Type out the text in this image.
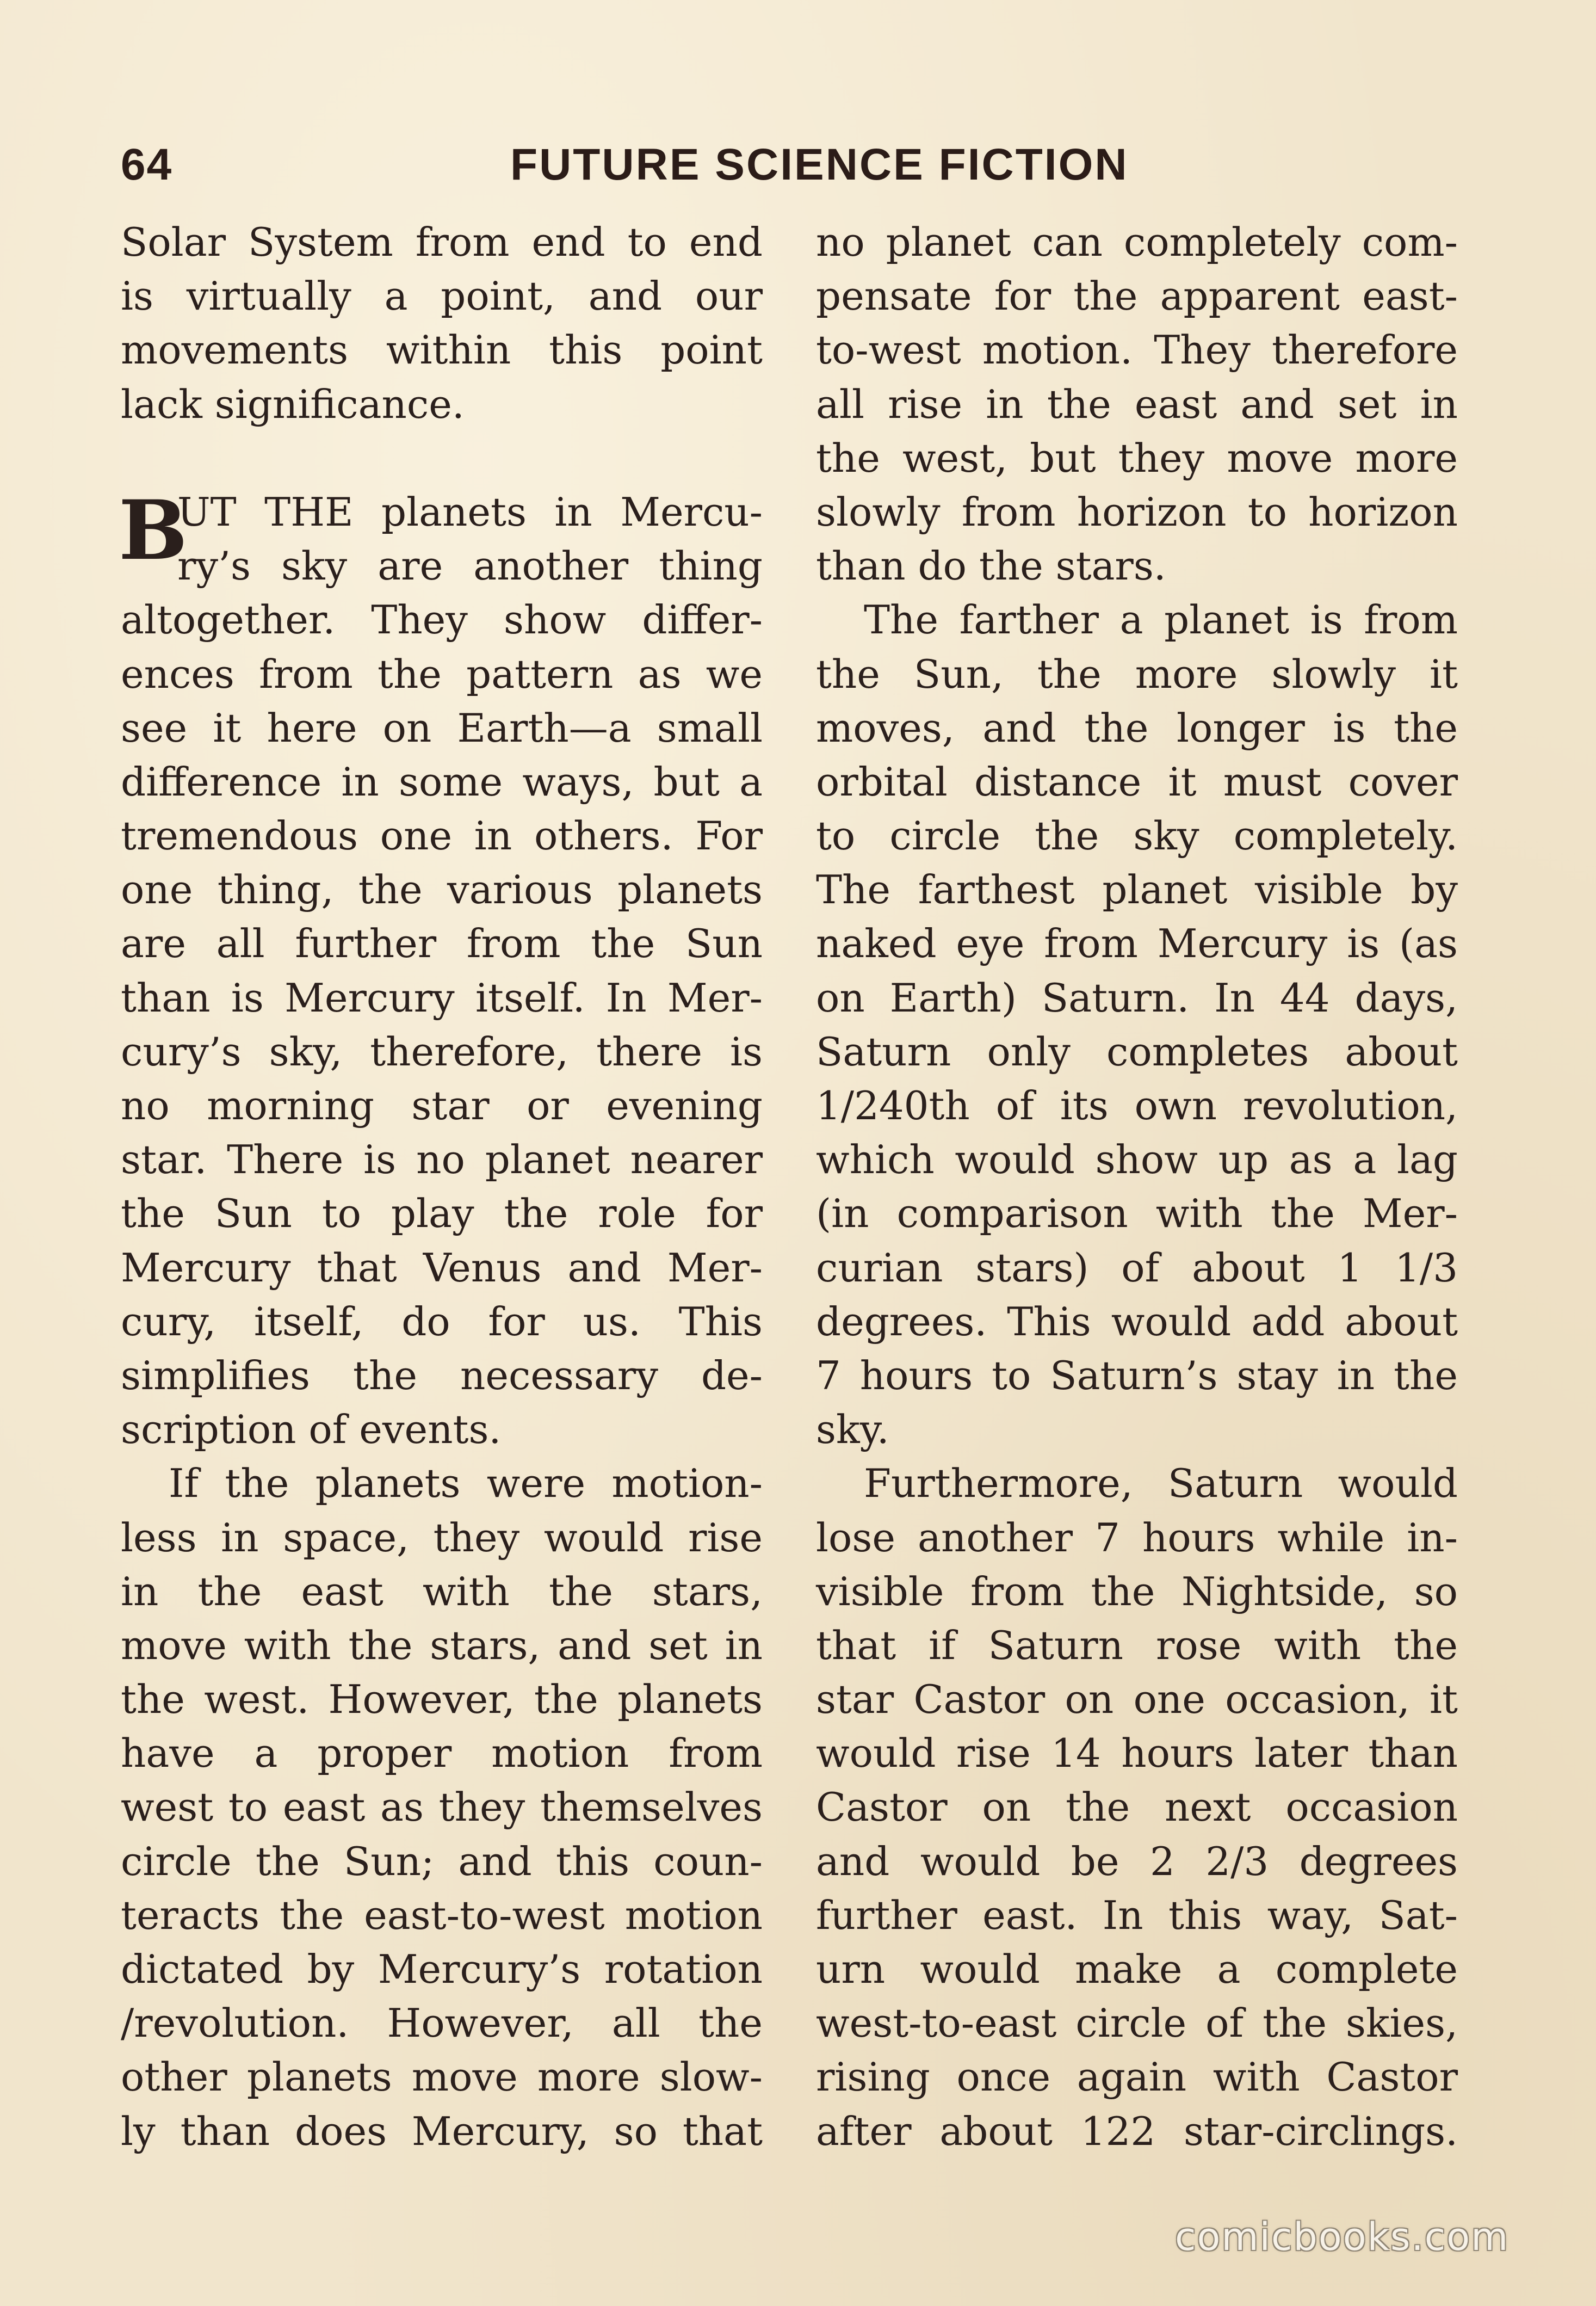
64	FUTURE SCIENCE FICTION
Solar System from end to end
is virtually a point, and our
movements within this point
lack significance.
B
UT THE planets in Mercu-
ry’s sky are another thing
altogether. They show differ-
ences from the pattern as we
see it here on Earth—a small
difference in some ways, but a
tremendous one in others. For
one thing, the various planets
are all further from the Sun
than is Mercury itself. In Mer-
cury’s sky, therefore, there is
no morning star or evening
star. There is no planet nearer
the Sun to play the role for
Mercury that Venus and Mer-
cury, itself, do for us. This
simplifies the necessary de-
scription of events.
If the planets were motion-
less in space, they would rise
in the east with the stars,
move with the stars, and set in
the west. However, the planets
have a proper motion from
west to east as they themselves
circle the Sun; and this coun-
teracts the east-to-west motion
dictated by Mercury’s rotation
/revolution. However, all the
other planets move more slow-
ly than does Mercury, so that
no planet can completely com-
pensate for the apparent east-
to-west motion. They therefore
all rise in the east and set in
the west, but they move more
slowly from horizon to horizon
than do the stars.
The farther a planet is from
the Sun, the more slowly it
moves, and the longer is the
orbital distance it must cover
to circle the sky completely.
The farthest planet visible by
naked eye from Mercury is (as
on Earth) Saturn. In 44 days,
Saturn only completes about
1/240th of its own revolution,
which would show up as a lag
(in comparison with the Mer-
curian stars) of about 1 1/3
degrees. This would add about
7 hours to Saturn’s stay in the
sky.
Furthermore, Saturn would
lose another 7 hours while in-
visible from the Nightside, so
that if Saturn rose with the
star Castor on one occasion, it
would rise 14 hours later than
Castor on the next occasion
and would be 2 2/3 degrees
further east. In this way, Sat-
urn would make a complete
west-to-east circle of the skies,
rising once again with Castor
after about 122 star-circlings.
comicbooks.com
